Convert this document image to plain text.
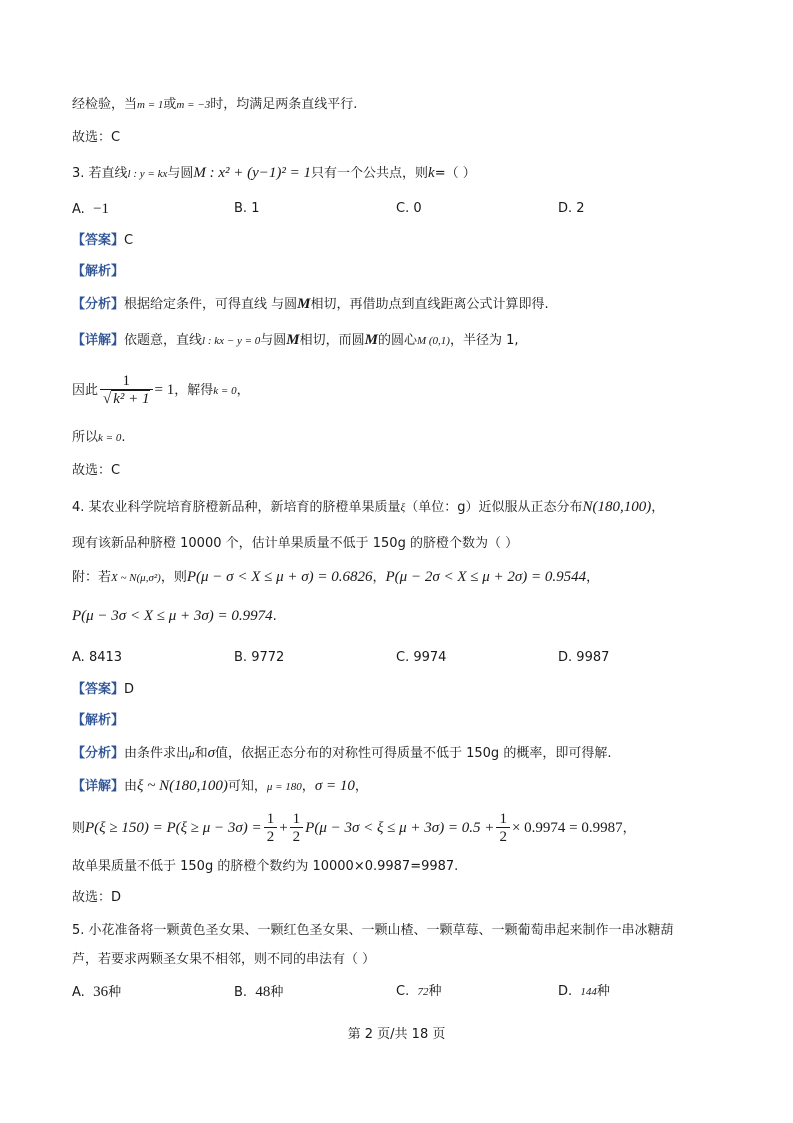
经检验，当m = 1或m = −3时，均满足两条直线平行.
故选：C
3. 若直线l : y = kx与圆M : x² + (y−1)² = 1只有一个公共点，则k=（ ）
A. −1	B. 1	C. 0	D. 2
【答案】C
【解析】
【分析】根据给定条件，可得直线 与圆M相切，再借助点到直线距离公式计算即得.
【详解】依题意，直线l : kx − y = 0与圆M相切，而圆M的圆心M (0,1)，半径为 1,
因此 $\frac{1}{\text{√ k² + 1}} = 1$，解得k = 0，
所以k = 0.
故选：C
4. 某农业科学院培育脐橙新品种，新培育的脐橙单果质量ξ（单位：g）近似服从正态分布N(180,100)，
现有该新品种脐橙 10000 个，估计单果质量不低于 150g 的脐橙个数为（ ）
附：若X ~ N(μ,σ²)，则P(μ − σ < X ≤ μ + σ) = 0.6826，P(μ − 2σ < X ≤ μ + 2σ) = 0.9544，
P(μ − 3σ < X ≤ μ + 3σ) = 0.9974.
A. 8413	B. 9772	C. 9974	D. 9987
【答案】D
【解析】
【分析】由条件求出μ和σ值，依据正态分布的对称性可得质量不低于 150g 的概率，即可得解.
【详解】由ξ ~ N(180,100)可知，μ = 180，σ = 10，
则$P(\xi \ge 150) = P(\xi \ge \mu - 3\sigma) = \frac{1}{2} + \frac{1}{2} P(\mu - 3\sigma < \xi \le \mu + 3\sigma) = 0.5 + \frac{1}{2} \times 0.9974 = 0.9987$，
故单果质量不低于 150g 的脐橙个数约为 10000×0.9987=9987.
故选：D
5. 小花准备将一颗黄色圣女果、一颗红色圣女果、一颗山楂、一颗草莓、一颗葡萄串起来制作一串冰糖葫
芦，若要求两颗圣女果不相邻，则不同的串法有（ ）
A. 36种	B. 48种	C. 72种	D. 144种
第 2 页/共 18 页
